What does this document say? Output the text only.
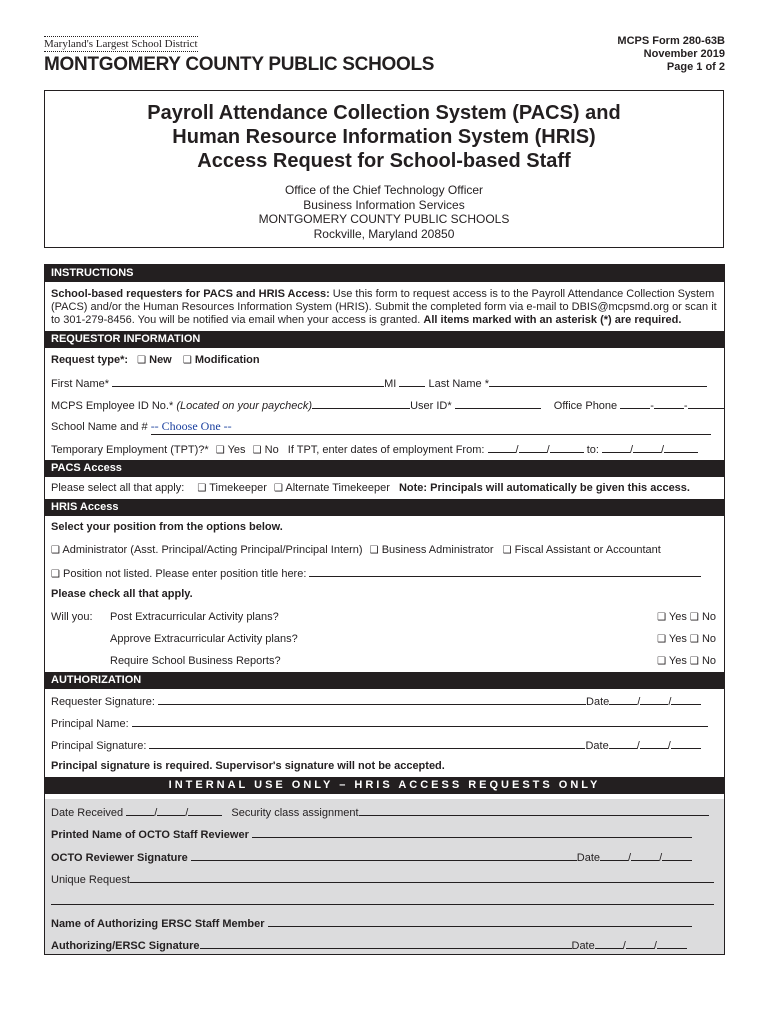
Maryland's Largest School District
MONTGOMERY COUNTY PUBLIC SCHOOLS
MCPS Form 280-63B
November 2019
Page 1 of 2
Payroll Attendance Collection System (PACS) and
Human Resource Information System (HRIS)
Access Request for School-based Staff
Office of the Chief Technology Officer
Business Information Services
MONTGOMERY COUNTY PUBLIC SCHOOLS
Rockville, Maryland 20850
INSTRUCTIONS
School-based requesters for PACS and HRIS Access: Use this form to request access is to the Payroll Attendance Collection System (PACS) and/or the Human Resources Information System (HRIS). Submit the completed form via e-mail to DBIS@mcpsmd.org or scan it to 301-279-8456. You will be notified via email when your access is granted. All items marked with an asterisk (*) are required.
REQUESTOR INFORMATION
Request type*: ❑ New ❑ Modification
First Name*	MI	Last Name *
MCPS Employee ID No.* (Located on your paycheck)	User ID*	Office Phone	-	-
School Name and # -- Choose One --
Temporary Employment (TPT)?* ❑ Yes ❑ No If TPT, enter dates of employment From:	/	/	to:	/	/
PACS Access
Please select all that apply: ❑ Timekeeper ❑ Alternate Timekeeper Note: Principals will automatically be given this access.
HRIS Access
Select your position from the options below.
❑ Administrator (Asst. Principal/Acting Principal/Principal Intern) ❑ Business Administrator ❑ Fiscal Assistant or Accountant
❑ Position not listed. Please enter position title here:
Please check all that apply.
Will you: Post Extracurricular Activity plans?	❑ Yes ❑ No
Approve Extracurricular Activity plans?	❑ Yes ❑ No
Require School Business Reports?	❑ Yes ❑ No
AUTHORIZATION
Requester Signature:	Date	/	/
Principal Name:
Principal Signature:	Date	/	/
Principal signature is required. Supervisor's signature will not be accepted.
INTERNAL USE ONLY – HRIS ACCESS REQUESTS ONLY
Date Received	/	/	Security class assignment
Printed Name of OCTO Staff Reviewer
OCTO Reviewer Signature	Date	/	/
Unique Request
Name of Authorizing ERSC Staff Member
Authorizing/ERSC Signature	Date	/	/
